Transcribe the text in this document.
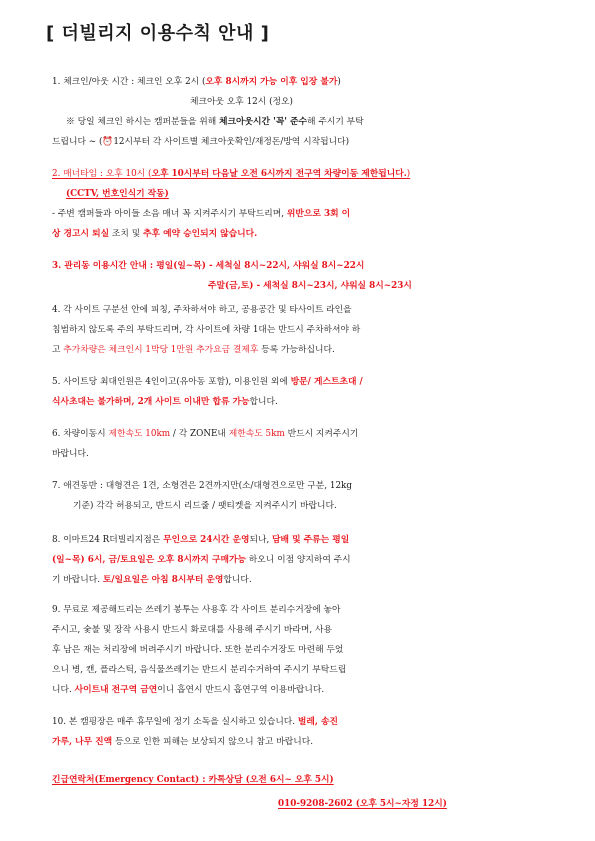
[ 더빌리지 이용수칙 안내 ]
1. 체크인/아웃 시간 : 체크인 오후 2시 (오후 8시까지 가능 이후 입장 불가)
체크아웃 오후 12시 (정오)
※ 당일 체크인 하시는 캠퍼분들을 위해 체크아웃시간 '꼭' 준수해 주시기 부탁
드립니다 ~ (⏰12시부터 각 사이트별 체크아웃확인/재정돈/방역 시작됩니다)
2. 매너타임 : 오후 10시 (오후 10시부터 다음날 오전 6시까지 전구역 차량이동 제한됩니다.)
(CCTV, 번호인식기 작동)
- 주변 캠퍼들과 아이들 소음 매너 꼭 지켜주시기 부탁드리며, 위반으로 3회 이
상 경고시 퇴실 조치 및 추후 예약 승인되지 않습니다.
3. 관리동 이용시간 안내 : 평일(일~목) - 세척실 8시~22시, 샤워실 8시~22시
주말(금,토) - 세척실 8시~23시, 샤워실 8시~23시
4. 각 사이트 구분선 안에 피칭, 주차하셔야 하고, 공용공간 및 타사이트 라인을
침범하지 않도록 주의 부탁드리며, 각 사이트에 차량 1대는 반드시 주차하셔야 하
고 추가차량은 체크인시 1박당 1만원 추가요금 결제후 등록 가능하십니다.
5. 사이트당 최대인원은 4인이고(유아동 포함), 이용인원 외에 방문/ 게스트초대 /
식사초대는 불가하며, 2개 사이트 이내만 합류 가능합니다.
6. 차량이동시 제한속도 10km / 각 ZONE내 제한속도 5km 반드시 지켜주시기
바랍니다.
7. 애견동반 : 대형견은 1견, 소형견은 2견까지만(소/대형견으로만 구분, 12kg
기준) 각각 허용되고, 반드시 리드줄 / 팻티켓을 지켜주시기 바랍니다.
8. 이마트24 R더빌리지점은 무인으로 24시간 운영되나, 담배 및 주류는 평일
(일~목) 6시, 금/토요일은 오후 8시까지 구매가능 하오니 이점 양지하여 주시
기 바랍니다. 토/일요일은 아침 8시부터 운영합니다.
9. 무료로 제공해드리는 쓰레기 봉투는 사용후 각 사이트 분리수거장에 놓아
주시고, 숯불 및 장작 사용시 반드시 화로대를 사용해 주시기 바라며, 사용
후 남은 재는 처리장에 버려주시기 바랍니다. 또한 분리수거장도 마련해 두었
으니 병, 캔, 플라스틱, 음식물쓰레기는 반드시 분리수거하여 주시기 부탁드립
니다. 사이트내 전구역 금연이니 흡연시 반드시 흡연구역 이용바랍니다.
10. 본 캠핑장은 매주 휴무일에 정기 소독을 실시하고 있습니다. 벌레, 송진
가루, 나무 진액 등으로 인한 피해는 보상되지 않으니 참고 바랍니다.
긴급연락처(Emergency Contact) : 카톡상담 (오전 6시~ 오후 5시)
010-9208-2602 (오후 5시~자정 12시)
